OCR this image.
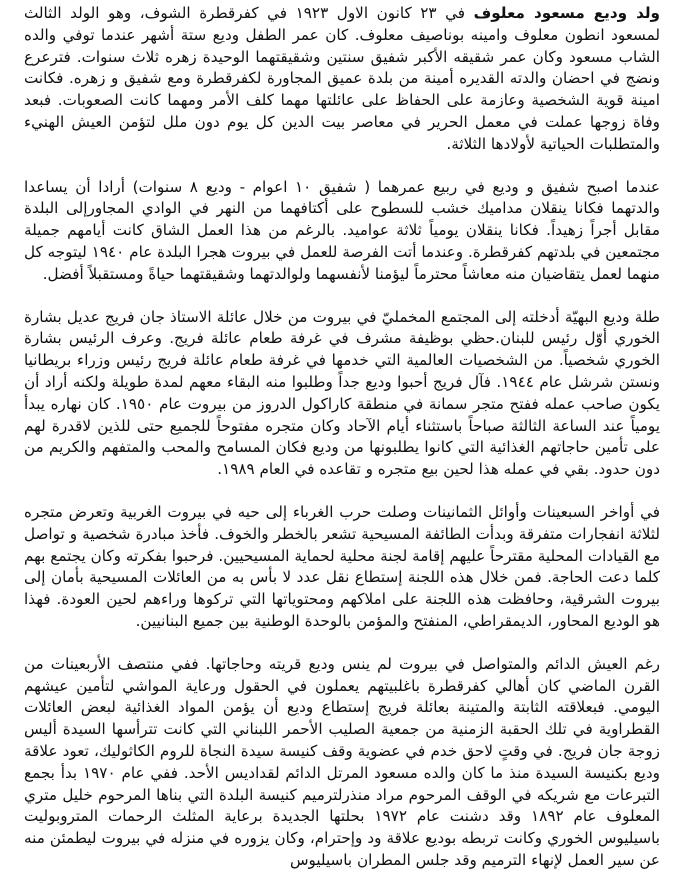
ولد وديع مسعود معلوف في ٢٣ كانون الاول ١٩٢٣ في كفرقطرة الشوف، وهو الولد الثالث لمسعود انطون معلوف وامينه بوناصيف معلوف. كان عمر الطفل وديع ستة أشهر عندما توفي والده الشاب مسعود وكان عمر شقيقه الأكبر شفيق سنتين وشقيقتهما الوحيدة زهره ثلاث سنوات. فترعرع ونضج في احضان والدته القديره أمينة من بلدة عميق المجاورة لكفرقطرة ومع شفيق و زهره. فكانت امينة قوية الشخصية وعازمة على الحفاظ على عائلتها مهما كلف الأمر ومهما كانت الصعوبات. فبعد وفاة زوجها عملت في معمل الحرير في معاصر بيت الدين كل يوم دون ملل لتؤمن العيش الهنيء والمتطلبات الحياتية لأولادها الثلاثة.

عندما اصبح شفيق و وديع في ربيع عمرهما ( شفيق ١٠ اعوام - وديع ٨ سنوات) أرادا أن يساعدا والدتهما فكانا ينقلان مداميك خشب للسطوح على أكتافهما من النهر في الوادي المجاورإلى البلدة مقابل أجراً زهيداً. فكانا ينقلان يومياً ثلاثة عواميد. بالرغم من هذا العمل الشاق كانت أيامهم جميلة مجتمعين في بلدتهم كفرقطرة. وعندما أتت الفرصة للعمل في بيروت هجرا البلدة عام ١٩٤٠ ليتوجه كل منهما لعمل يتقاضيان منه معاشاً محترماً ليؤمنا لأنفسهما ولوالدتهما وشقيقتهما حياةً ومستقبلاً أفضل.

طلة وديع البهيّة أدخلته إلى المجتمع المخمليّ في بيروت من خلال عائلة الاستاذ جان فريج عديل بشارة الخوري أوّل رئيس للبنان.حظي بوظيفة مشرف في غرفة طعام عائلة فريج. وعرف الرئيس بشارة الخوري شخصياً. من الشخصيات العالمية التي خدمها في غرفة طعام عائلة فريج رئيس وزراء بريطانيا ونستن شرشل عام ١٩٤٤. فآل فريج أحبوا وديع جداً وطلبوا منه البقاء معهم لمدة طويلة ولكنه أراد أن يكون صاحب عمله ففتح متجر سمانة في منطقة كاراكول الدروز من بيروت عام ١٩٥٠. كان نهاره يبدأ يومياً عند الساعة الثالثة صباحاً باستثناء أيام الآحاد وكان متجره مفتوحاً للجميع حتى للذين لاقدرة لهم على تأمين حاجاتهم الغذائية التي كانوا يطلبونها من وديع فكان المسامح والمحب والمتفهم والكريم من دون حدود. بقي في عمله هذا لحين بيع متجره و تقاعده في العام ١٩٨٩.

في أواخر السبعينات وأوائل الثمانينات وصلت حرب الغرباء إلى حيه في بيروت الغربية وتعرض متجره لثلاثة انفجارات متفرقة وبدأت الطائفة المسيحية تشعر بالخطر والخوف. فأخذ مبادرة شخصية و تواصل مع القيادات المحلية مقترحاً عليهم إقامة لجنة محلية لحماية المسيحيين. فرحبوا بفكرته وكان يجتمع بهم كلما دعت الحاجة. فمن خلال هذه اللجنة إستطاع نقل عدد لا بأس به من العائلات المسيحية بأمان إلى بيروت الشرقية، وحافظت هذه اللجنة على املاكهم ومحتوياتها التي تركوها وراءهم لحين العودة. فهذا هو الوديع المحاور، الديمقراطي، المنفتح والمؤمن بالوحدة الوطنية بين جميع البنانيين.

رغم العيش الدائم والمتواصل في بيروت لم ينس وديع قريته وحاجاتها. ففي منتصف الأربعينات من القرن الماضي كان أهالي كفرقطرة باغلبيتهم يعملون في الحقول ورعاية المواشي لتأمين عيشهم اليومي. فبعلاقته الثابتة والمتينة بعائلة فريج إستطاع وديع أن يؤمن المواد الغذائية لبعض العائلات القطراوية في تلك الحقبة الزمنية من جمعية الصليب الأحمر اللبناني التي كانت تترأسها السيدة أليس زوجة جان فريج. في وقتٍ لاحق خدم في عضوية وقف كنيسة سيدة النجاة للروم الكاثوليك، تعود علاقة وديع بكنيسة السيدة منذ ما كان والده مسعود المرتل الدائم لقداديس الأحد. ففي عام ١٩٧٠ بدأ بجمع التبرعات مع شريكه في الوقف المرحوم مراد منذرلترميم كنيسة البلدة التي بناها المرحوم خليل متري المعلوف عام ١٨٩٢ وقد دشنت عام ١٩٧٢ بحلتها الجديدة برعاية المثلث الرحمات المتروبوليت باسيليوس الخوري وكانت تربطه بوديع علاقة ود وإحترام، وكان يزوره في منزله في بيروت ليطمئن منه عن سير العمل لإنهاء الترميم وقد جلس المطران باسيليوس
